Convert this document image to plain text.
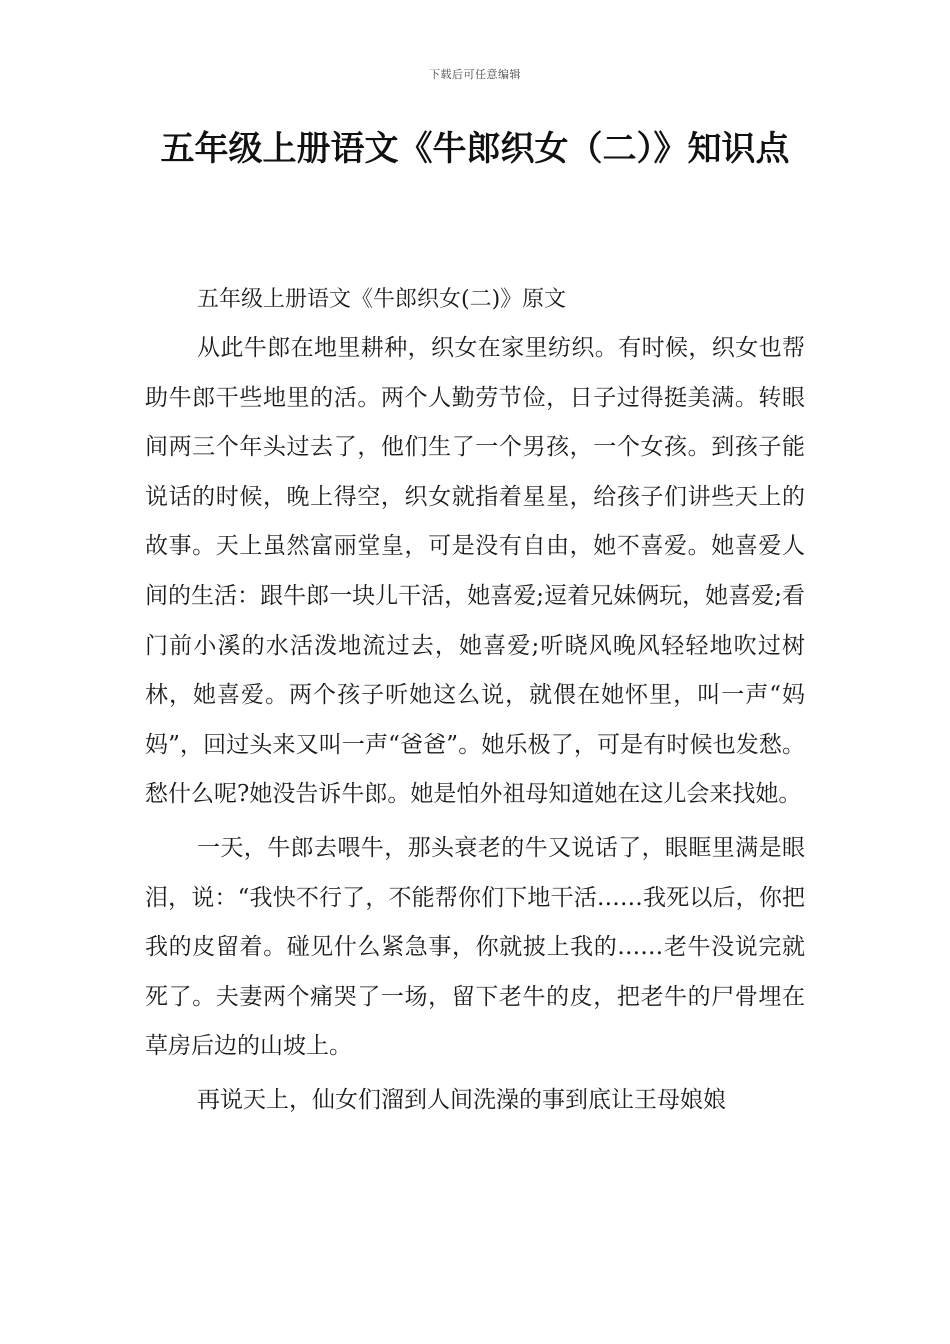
下载后可任意编辑
五年级上册语文《牛郎织女（二）》知识点

五年级上册语文《牛郎织女(二)》原文

从此牛郎在地里耕种，织女在家里纺织。有时候，织女也帮助牛郎干些地里的活。两个人勤劳节俭，日子过得挺美满。转眼间两三个年头过去了，他们生了一个男孩，一个女孩。到孩子能说话的时候，晚上得空，织女就指着星星，给孩子们讲些天上的故事。天上虽然富丽堂皇，可是没有自由，她不喜爱。她喜爱人间的生活：跟牛郎一块儿干活，她喜爱;逗着兄妹俩玩，她喜爱;看门前小溪的水活泼地流过去，她喜爱;听晓风晚风轻轻地吹过树林，她喜爱。两个孩子听她这么说，就偎在她怀里，叫一声“妈妈”，回过头来又叫一声“爸爸”。她乐极了，可是有时候也发愁。愁什么呢?她没告诉牛郎。她是怕外祖母知道她在这儿会来找她。

一天，牛郎去喂牛，那头衰老的牛又说话了，眼眶里满是眼泪，说：“我快不行了，不能帮你们下地干活……我死以后，你把我的皮留着。碰见什么紧急事，你就披上我的……老牛没说完就死了。夫妻两个痛哭了一场，留下老牛的皮，把老牛的尸骨埋在草房后边的山坡上。

再说天上，仙女们溜到人间洗澡的事到底让王母娘娘
